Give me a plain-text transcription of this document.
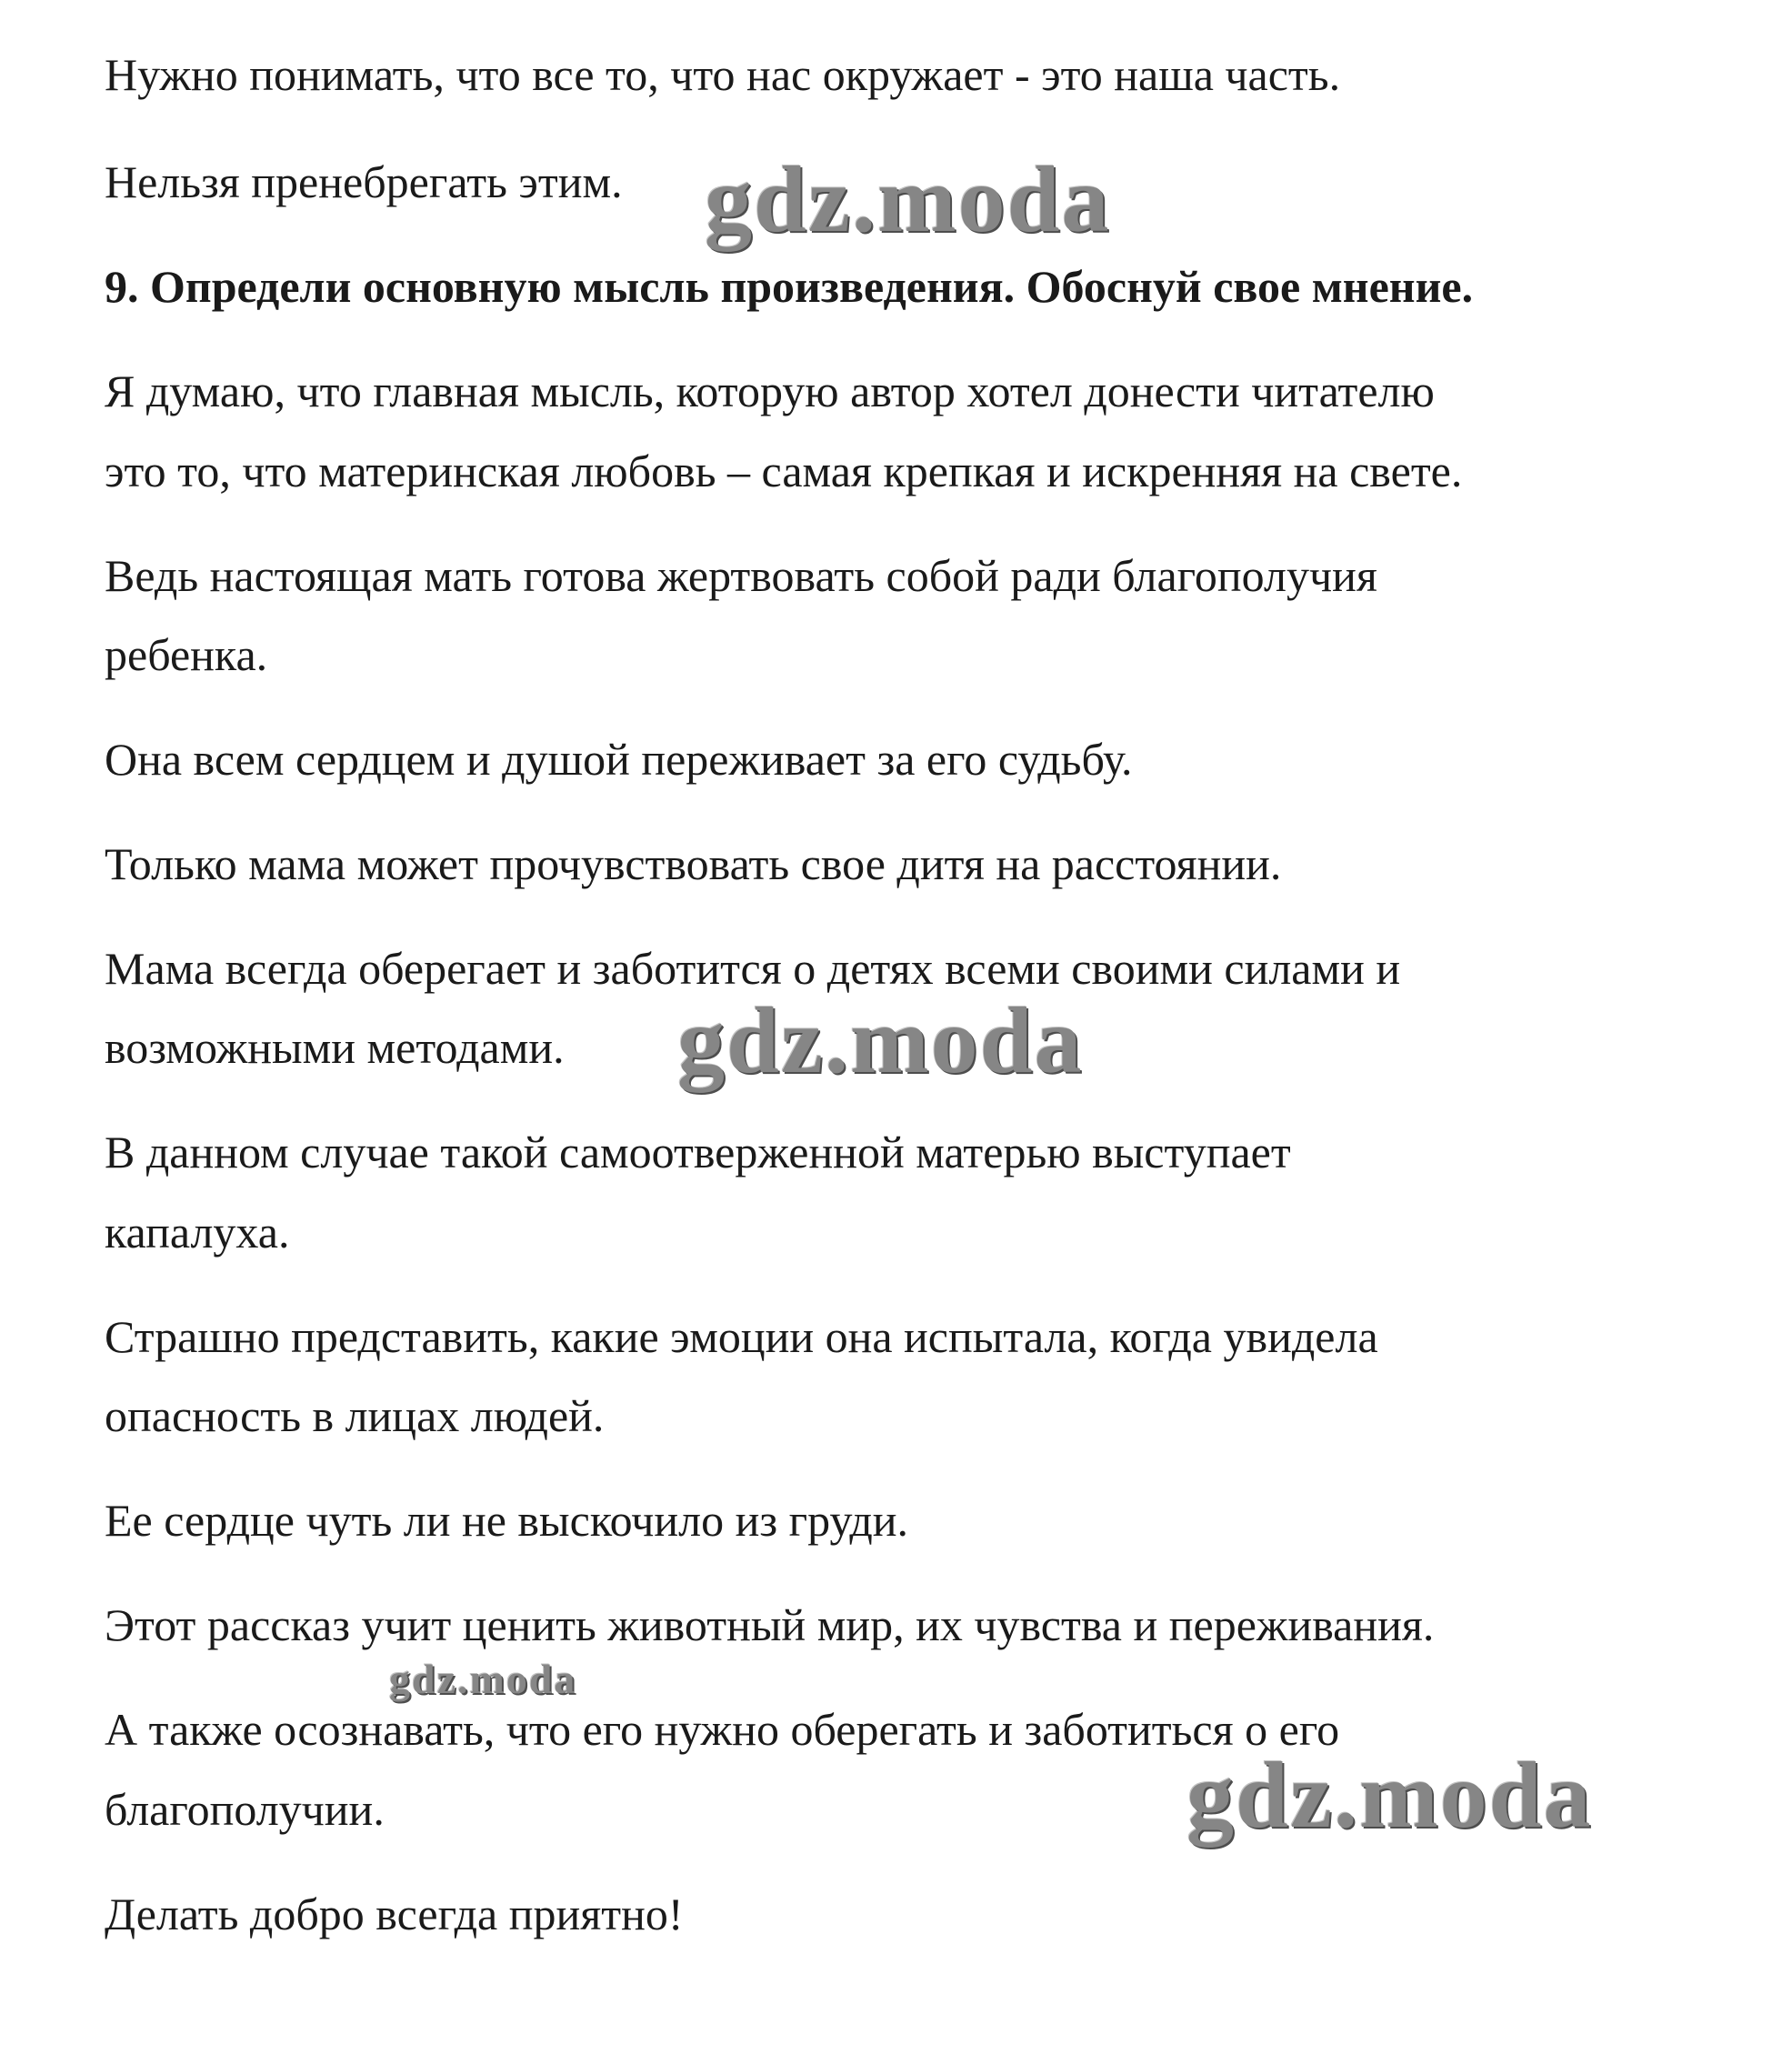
Нужно понимать, что все то, что нас окружает - это наша часть.

Нельзя пренебрегать этим.

9. Определи основную мысль произведения. Обоснуй свое мнение.

Я думаю, что главная мысль, которую автор хотел донести читателю

это то, что материнская любовь – самая крепкая и искренняя на свете.

Ведь настоящая мать готова жертвовать собой ради благополучия

ребенка.

Она всем сердцем и душой переживает за его судьбу.

Только мама может прочувствовать свое дитя на расстоянии.

Мама всегда оберегает и заботится о детях всеми своими силами и

возможными методами.

В данном случае такой самоотверженной матерью выступает

капалуха.

Страшно представить, какие эмоции она испытала, когда увидела

опасность в лицах людей.

Ее сердце чуть ли не выскочило из груди.

Этот рассказ учит ценить животный мир, их чувства и переживания.

А также осознавать, что его нужно оберегать и заботиться о его

благополучии.

Делать добро всегда приятно!

gdz.moda
gdz.moda
gdz.moda
gdz.moda
